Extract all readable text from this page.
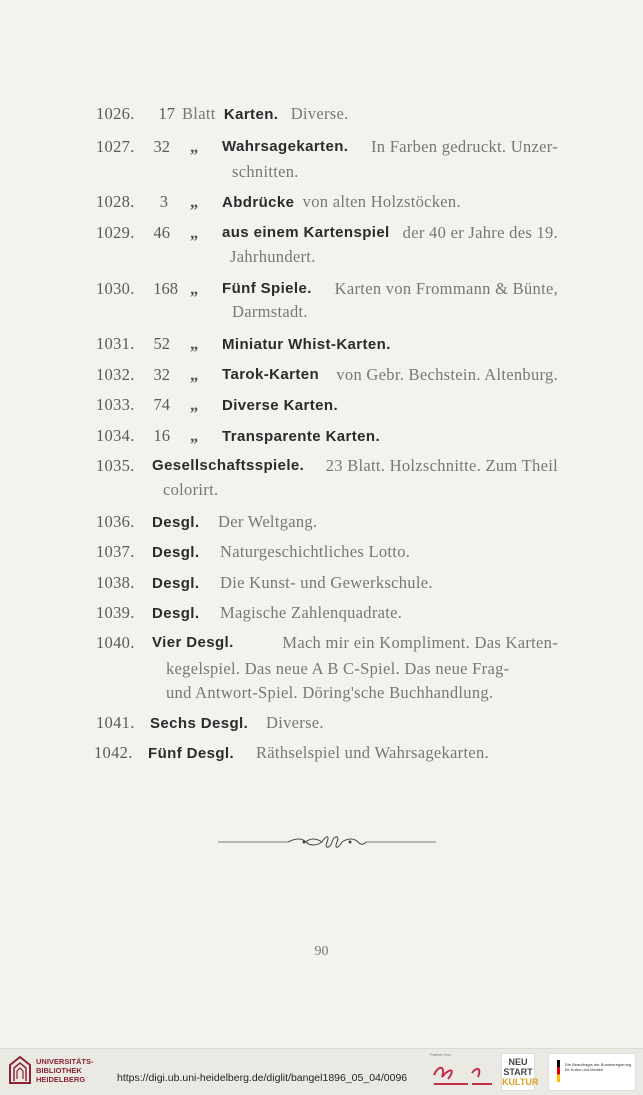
1026.	17 Blatt Karten. Diverse.
1027.	32 „ Wahrsagekarten. In Farben gedruckt. Unzer-
schnitten.
1028.	3 „ Abdrücke von alten Holzstöcken.
1029.	46 „ aus einem Kartenspiel der 40 er Jahre des 19.
Jahrhundert.
1030.	168 „ Fünf Spiele. Karten von Frommann & Bünte,
Darmstadt.
1031.	52 „ Miniatur Whist-Karten.
1032.	32 „ Tarok-Karten von Gebr. Bechstein. Altenburg.
1033.	74 „ Diverse Karten.
1034.	16 „ Transparente Karten.
1035. Gesellschaftsspiele. 23 Blatt. Holzschnitte. Zum Theil
colorirt.
1036. Desgl. Der Weltgang.
1037. Desgl. Naturgeschichtliches Lotto.
1038. Desgl. Die Kunst- und Gewerkschule.
1039. Desgl. Magische Zahlenquadrate.
1040. Vier Desgl.	Mach mir ein Kompliment. Das Karten-
kegelspiel. Das neue A B C-Spiel. Das neue Frag-
und Antwort-Spiel. Döring'sche Buchhandlung.
1041. Sechs Desgl. Diverse.
1042. Fünf Desgl. Räthselspiel und Wahrsagekarten.
90
UNIVERSITÄTS-
BIBLIOTHEK
HEIDELBERG	https://digi.ub.uni-heidelberg.de/diglit/bangel1896_05_04/0096
Partner von
NEU
START
KULTUR
Die Beauftragte der Bundesregierung
für Kultur und Medien
